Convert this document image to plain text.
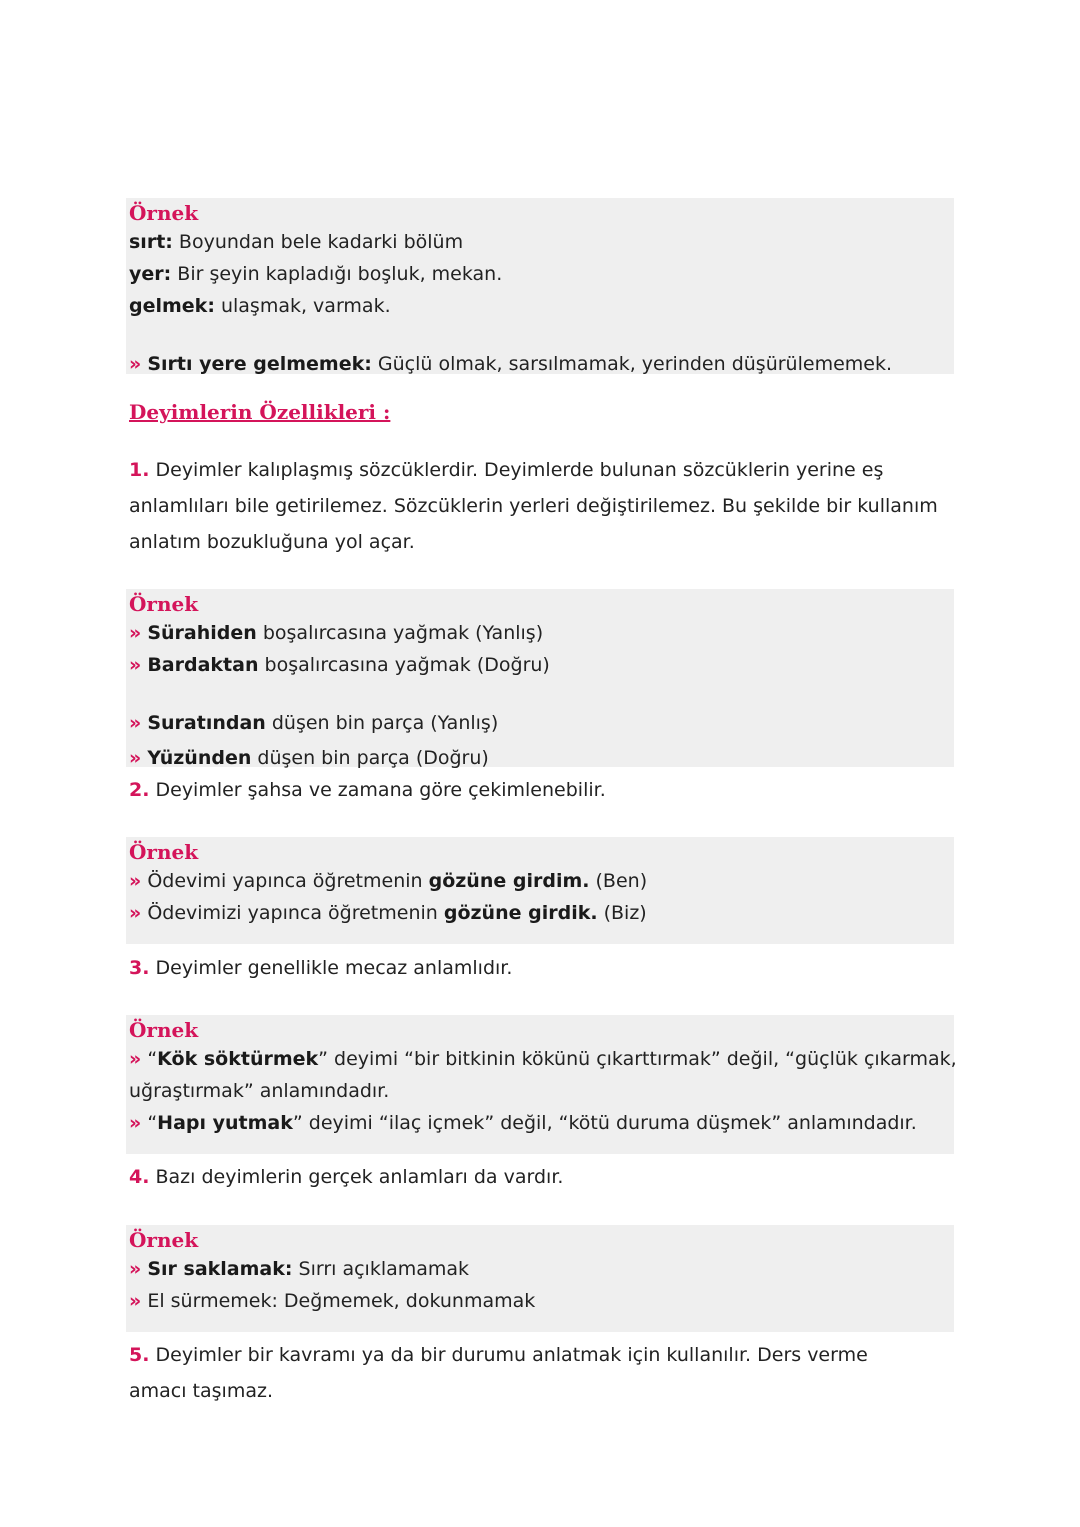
Örnek
sırt: Boyundan bele kadarki bölüm
yer: Bir şeyin kapladığı boşluk, mekan.
gelmek: ulaşmak, varmak.
» Sırtı yere gelmemek: Güçlü olmak, sarsılmamak, yerinden düşürülememek.
Deyimlerin Özellikleri :
1. Deyimler kalıplaşmış sözcüklerdir. Deyimlerde bulunan sözcüklerin yerine eş anlamlıları bile getirilemez. Sözcüklerin yerleri değiştirilemez. Bu şekilde bir kullanım anlatım bozukluğuna yol açar.
Örnek
» Sürahiden boşalırcasına yağmak (Yanlış)
» Bardaktan boşalırcasına yağmak (Doğru)
» Suratından düşen bin parça (Yanlış)
» Yüzünden düşen bin parça (Doğru)
2. Deyimler şahsa ve zamana göre çekimlenebilir.
Örnek
» Ödevimi yapınca öğretmenin gözüne girdim. (Ben)
» Ödevimizi yapınca öğretmenin gözüne girdik. (Biz)
3. Deyimler genellikle mecaz anlamlıdır.
Örnek
» “Kök söktürmek” deyimi “bir bitkinin kökünü çıkarttırmak” değil, “güçlük çıkarmak,
uğraştırmak” anlamındadır.
» “Hapı yutmak” deyimi “ilaç içmek” değil, “kötü duruma düşmek” anlamındadır.
4. Bazı deyimlerin gerçek anlamları da vardır.
Örnek
» Sır saklamak: Sırrı açıklamamak
» El sürmemek: Değmemek, dokunmamak
5. Deyimler bir kavramı ya da bir durumu anlatmak için kullanılır. Ders verme amacı taşımaz.
